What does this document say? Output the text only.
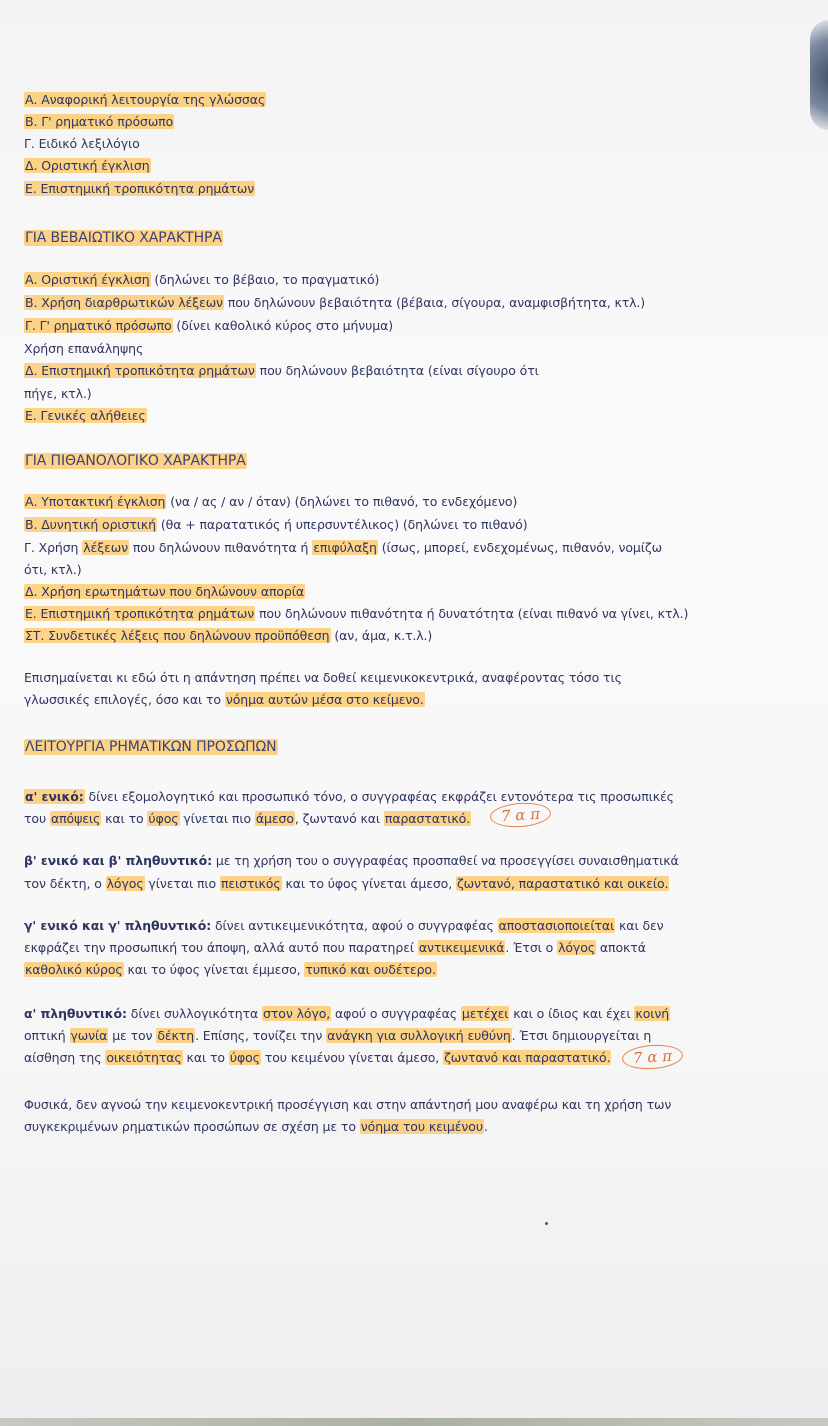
Α. Αναφορική λειτουργία της γλώσσας
Β. Γ' ρηματικό πρόσωπο
Γ. Ειδικό λεξιλόγιο
Δ. Οριστική έγκλιση
Ε. Επιστημική τροπικότητα ρημάτων
ΓΙΑ ΒΕΒΑΙΩΤΙΚΟ ΧΑΡΑΚΤΗΡΑ
Α. Οριστική έγκλιση (δηλώνει το βέβαιο, το πραγματικό)
Β. Χρήση διαρθρωτικών λέξεων που δηλώνουν βεβαιότητα (βέβαια, σίγουρα, αναμφισβήτητα, κτλ.)
Γ. Γ' ρηματικό πρόσωπο (δίνει καθολικό κύρος στο μήνυμα)
Χρήση επανάληψης
Δ. Επιστημική τροπικότητα ρημάτων που δηλώνουν βεβαιότητα (είναι σίγουρο ότι
πήγε, κτλ.)
Ε. Γενικές αλήθειες
ΓΙΑ ΠΙΘΑΝΟΛΟΓΙΚΟ ΧΑΡΑΚΤΗΡΑ
Α. Υποτακτική έγκλιση (να / ας / αν / όταν) (δηλώνει το πιθανό, το ενδεχόμενο)
Β. Δυνητική οριστική (θα + παρατατικός ή υπερσυντέλικος) (δηλώνει το πιθανό)
Γ. Χρήση λέξεων που δηλώνουν πιθανότητα ή επιφύλαξη (ίσως, μπορεί, ενδεχομένως, πιθανόν, νομίζω
ότι, κτλ.)
Δ. Χρήση ερωτημάτων που δηλώνουν απορία
Ε. Επιστημική τροπικότητα ρημάτων που δηλώνουν πιθανότητα ή δυνατότητα (είναι πιθανό να γίνει, κτλ.)
ΣΤ. Συνδετικές λέξεις που δηλώνουν προϋπόθεση (αν, άμα, κ.τ.λ.)
Επισημαίνεται κι εδώ ότι η απάντηση πρέπει να δοθεί κειμενικοκεντρικά, αναφέροντας τόσο τις
γλωσσικές επιλογές, όσο και το νόημα αυτών μέσα στο κείμενο.
ΛΕΙΤΟΥΡΓΙΑ ΡΗΜΑΤΙΚΩΝ ΠΡΟΣΩΠΩΝ
α' ενικό: δίνει εξομολογητικό και προσωπικό τόνο, ο συγγραφέας εκφράζει εντονότερα τις προσωπικές
του απόψεις και το ύφος γίνεται πιο άμεσο, ζωντανό και παραστατικό.	7 α π
β' ενικό και β' πληθυντικό: με τη χρήση του ο συγγραφέας προσπαθεί να προσεγγίσει συναισθηματικά
τον δέκτη, ο λόγος γίνεται πιο πειστικός και το ύφος γίνεται άμεσο, ζωντανό, παραστατικό και οικείο.
γ' ενικό και γ' πληθυντικό: δίνει αντικειμενικότητα, αφού ο συγγραφέας αποστασιοποιείται και δεν
εκφράζει την προσωπική του άποψη, αλλά αυτό που παρατηρεί αντικειμενικά. Έτσι ο λόγος αποκτά
καθολικό κύρος και το ύφος γίνεται έμμεσο, τυπικό και ουδέτερο.
α' πληθυντικό: δίνει συλλογικότητα στον λόγο, αφού ο συγγραφέας μετέχει και ο ίδιος και έχει κοινή
οπτική γωνία με τον δέκτη. Επίσης, τονίζει την ανάγκη για συλλογική ευθύνη. Έτσι δημιουργείται η
αίσθηση της οικειότητας και το ύφος του κειμένου γίνεται άμεσο, ζωντανό και παραστατικό.	7 α π
Φυσικά, δεν αγνοώ την κειμενοκεντρική προσέγγιση και στην απάντησή μου αναφέρω και τη χρήση των
συγκεκριμένων ρηματικών προσώπων σε σχέση με το νόημα του κειμένου.
